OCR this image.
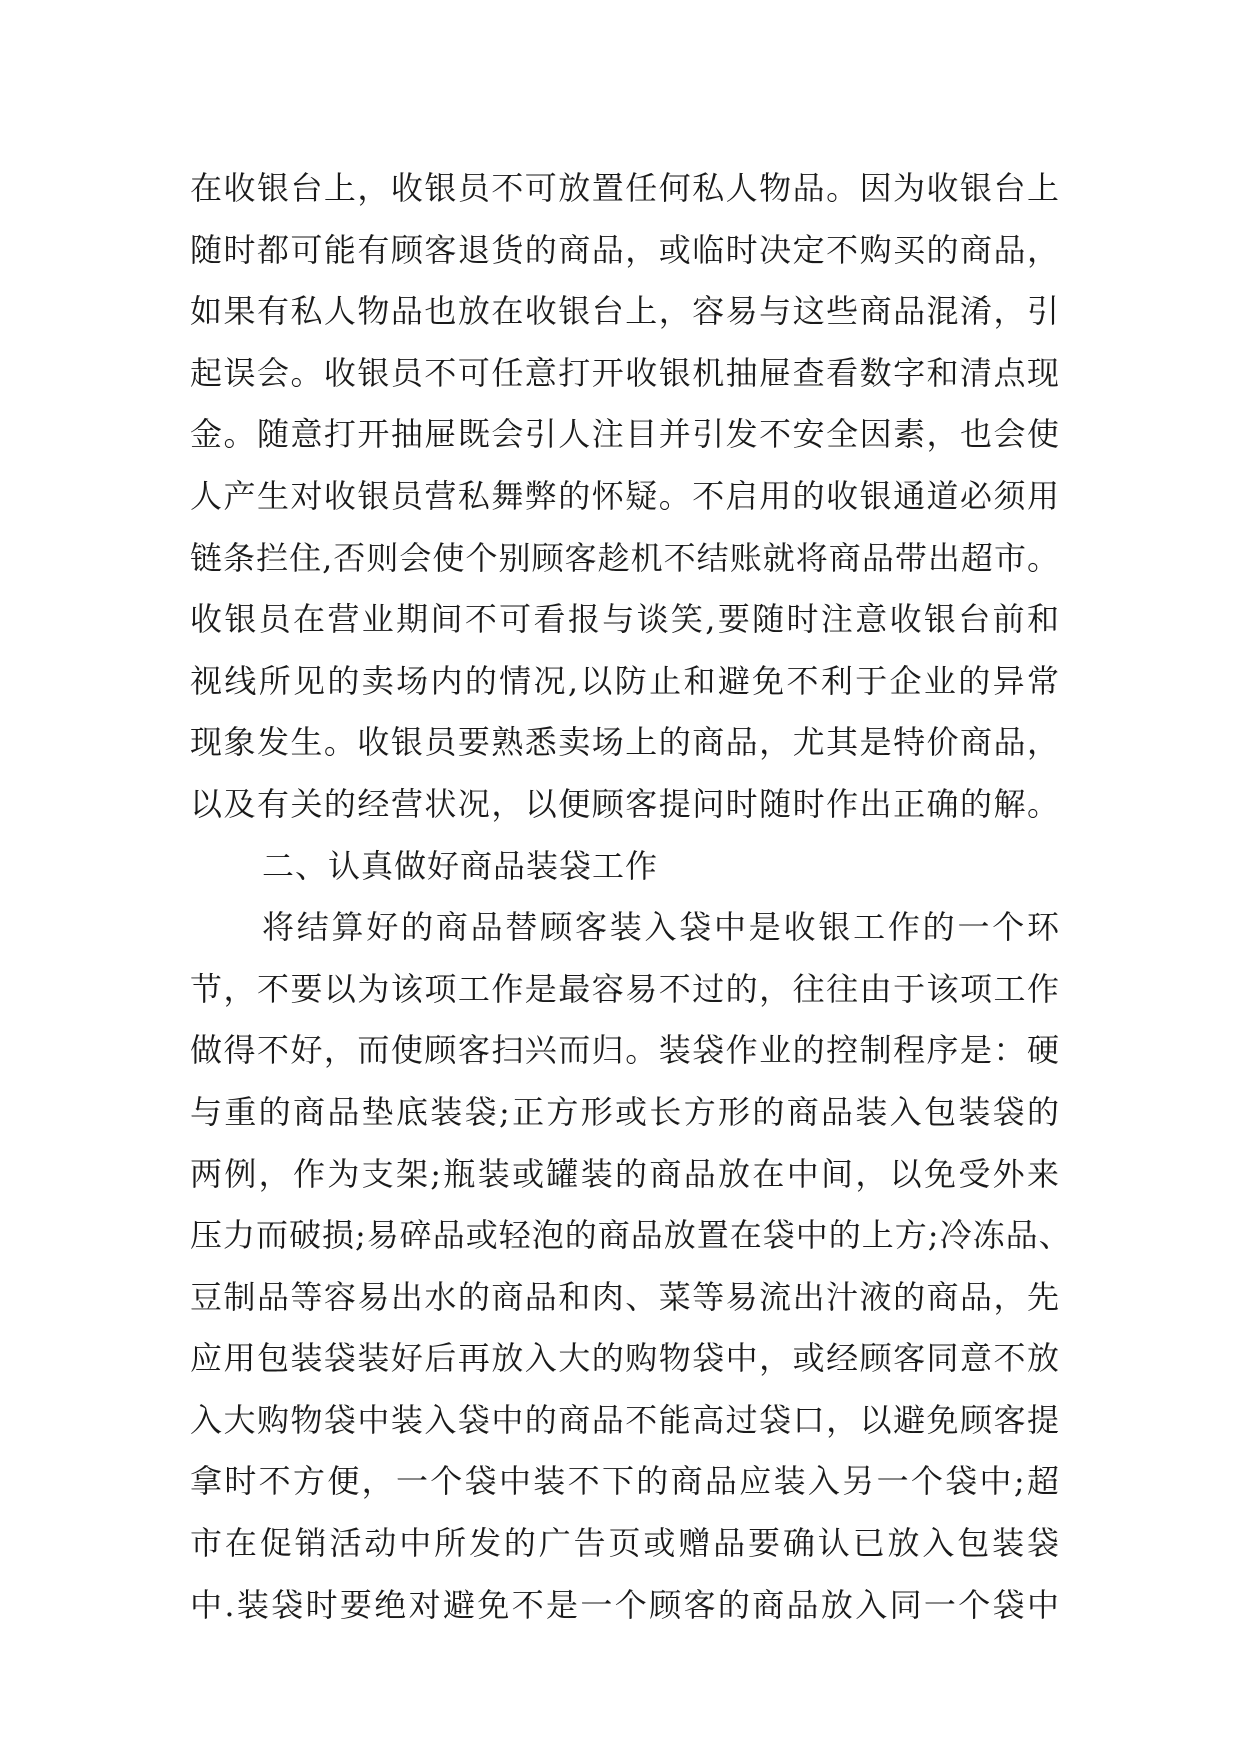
在收银台上，收银员不可放置任何私人物品。因为收银台上
随时都可能有顾客退货的商品，或临时决定不购买的商品，
如果有私人物品也放在收银台上，容易与这些商品混淆，引
起误会。收银员不可任意打开收银机抽屉查看数字和清点现
金。随意打开抽屉既会引人注目并引发不安全因素，也会使
人产生对收银员营私舞弊的怀疑。不启用的收银通道必须用
链条拦住,否则会使个别顾客趁机不结账就将商品带出超市。
收银员在营业期间不可看报与谈笑,要随时注意收银台前和
视线所见的卖场内的情况,以防止和避免不利于企业的异常
现象发生。收银员要熟悉卖场上的商品，尤其是特价商品，
以及有关的经营状况，以便顾客提问时随时作出正确的解。
二、认真做好商品装袋工作
将结算好的商品替顾客装入袋中是收银工作的一个环
节，不要以为该项工作是最容易不过的，往往由于该项工作
做得不好，而使顾客扫兴而归。装袋作业的控制程序是：硬
与重的商品垫底装袋;正方形或长方形的商品装入包装袋的
两例，作为支架;瓶装或罐装的商品放在中间，以免受外来
压力而破损;易碎品或轻泡的商品放置在袋中的上方;冷冻品、
豆制品等容易出水的商品和肉、菜等易流出汁液的商品，先
应用包装袋装好后再放入大的购物袋中，或经顾客同意不放
入大购物袋中装入袋中的商品不能高过袋口，以避免顾客提
拿时不方便，一个袋中装不下的商品应装入另一个袋中;超
市在促销活动中所发的广告页或赠品要确认已放入包装袋
中.装袋时要绝对避免不是一个顾客的商品放入同一个袋中
